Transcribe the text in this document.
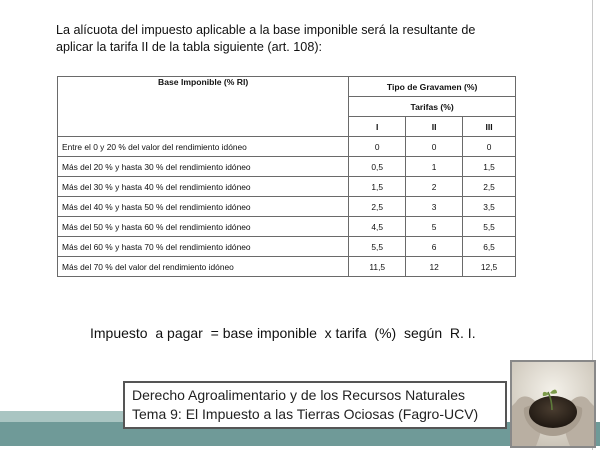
La alícuota del impuesto aplicable a la base imponible será la resultante de
aplicar la tarifa II de la tabla siguiente (art. 108):
Base Imponible (% RI)	Tipo de Gravamen (%)		
	Tarifas (%)		
	I	II	III
Entre el 0 y 20 % del valor del rendimiento idóneo	0	0	0
Más del 20 % y hasta 30 % del rendimiento idóneo	0,5	1	1,5
Más del 30 % y hasta 40 % del rendimiento idóneo	1,5	2	2,5
Más del 40 % y hasta 50 % del rendimiento idóneo	2,5	3	3,5
Más del 50 % y hasta 60 % del rendimiento idóneo	4,5	5	5,5
Más del 60 % y hasta 70 % del rendimiento idóneo	5,5	6	6,5
Más del 70 % del valor del rendimiento idóneo	11,5	12	12,5
Impuesto  a pagar  = base imponible  x tarifa  (%)  según  R. I.
Derecho Agroalimentario y de los Recursos Naturales
Tema 9: El Impuesto a las Tierras Ociosas (Fagro-UCV)
